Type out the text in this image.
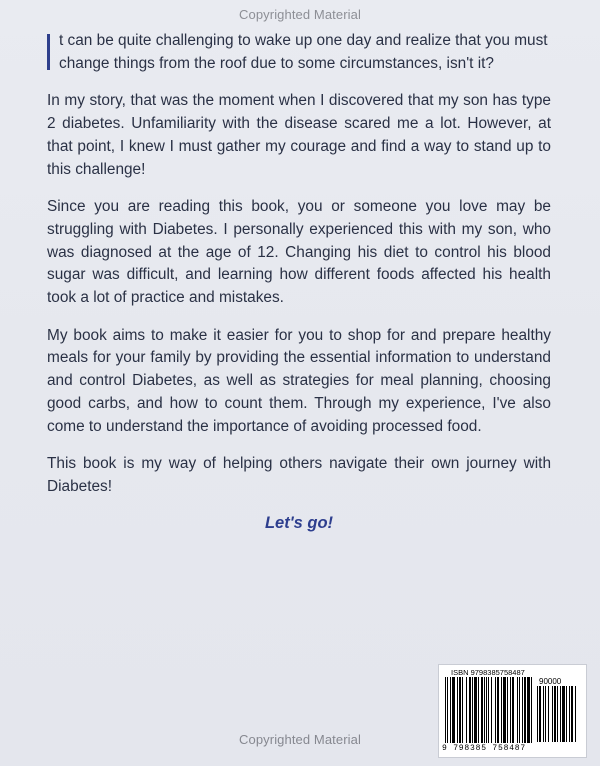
Copyrighted Material

t can be quite challenging to wake up one day and realize that you must change things from the roof due to some circumstances, isn't it?

In my story, that was the moment when I discovered that my son has type 2 diabetes. Unfamiliarity with the disease scared me a lot. However, at that point, I knew I must gather my courage and find a way to stand up to this challenge!

Since you are reading this book, you or someone you love may be struggling with Diabetes. I personally experienced this with my son, who was diagnosed at the age of 12. Changing his diet to control his blood sugar was difficult, and learning how different foods affected his health took a lot of practice and mistakes.

My book aims to make it easier for you to shop for and prepare healthy meals for your family by providing the essential information to understand and control Diabetes, as well as strategies for meal planning, choosing good carbs, and how to count them. Through my experience, I've also come to understand the importance of avoiding processed food.

This book is my way of helping others navigate their own journey with Diabetes!

Let's go!
ISBN 9798385758487
90000
9 798385 758487
Copyrighted Material
